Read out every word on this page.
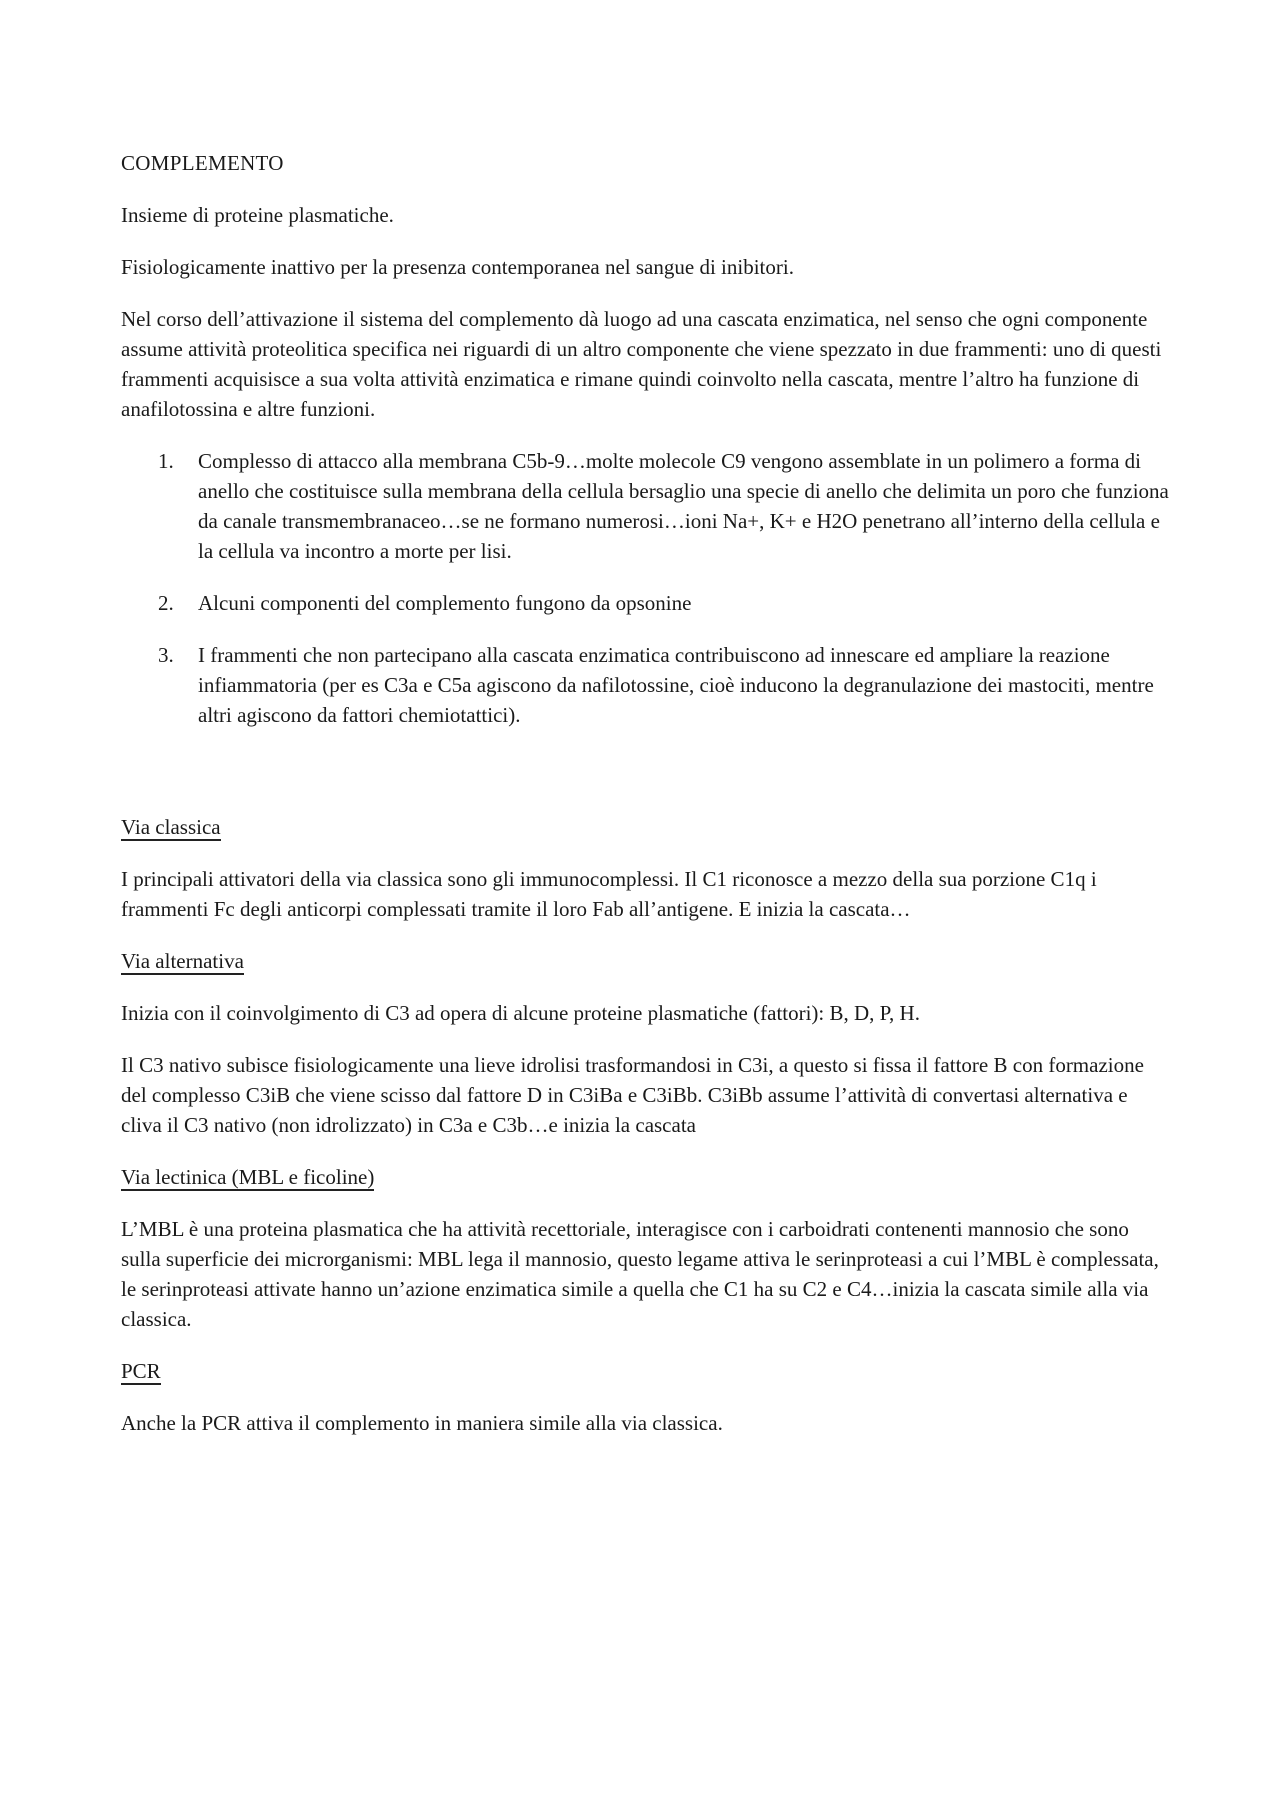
COMPLEMENTO

Insieme di proteine plasmatiche.

Fisiologicamente inattivo per la presenza contemporanea nel sangue di inibitori.

Nel corso dell’attivazione il sistema del complemento dà luogo ad una cascata enzimatica, nel senso che ogni componente assume attività proteolitica specifica nei riguardi di un altro componente che viene spezzato in due frammenti: uno di questi frammenti acquisisce a sua volta attività enzimatica e rimane quindi coinvolto nella cascata, mentre l’altro ha funzione di anafilotossina e altre funzioni.

1. Complesso di attacco alla membrana C5b-9…molte molecole C9 vengono assemblate in un polimero a forma di anello che costituisce sulla membrana della cellula bersaglio una specie di anello che delimita un poro che funziona da canale transmembranaceo…se ne formano numerosi…ioni Na+, K+ e H2O penetrano all’interno della cellula e la cellula va incontro a morte per lisi.
2. Alcuni componenti del complemento fungono da opsonine
3. I frammenti che non partecipano alla cascata enzimatica contribuiscono ad innescare ed ampliare la reazione infiammatoria (per es C3a e C5a agiscono da nafilotossine, cioè inducono la degranulazione dei mastociti, mentre altri agiscono da fattori chemiotattici).

Via classica

I principali attivatori della via classica sono gli immunocomplessi. Il C1 riconosce a mezzo della sua porzione C1q i frammenti Fc degli anticorpi complessati tramite il loro Fab all’antigene. E inizia la cascata…

Via alternativa

Inizia con il coinvolgimento di C3 ad opera di alcune proteine plasmatiche (fattori): B, D, P, H.

Il C3 nativo subisce fisiologicamente una lieve idrolisi trasformandosi in C3i, a questo si fissa il fattore B con formazione del complesso C3iB che viene scisso dal fattore D in C3iBa e C3iBb. C3iBb assume l’attività di convertasi alternativa e cliva il C3 nativo (non idrolizzato) in C3a e C3b…e inizia la cascata

Via lectinica (MBL e ficoline)

L’MBL è una proteina plasmatica che ha attività recettoriale, interagisce con i carboidrati contenenti mannosio che sono sulla superficie dei microrganismi: MBL lega il mannosio, questo legame attiva le serinproteasi a cui l’MBL è complessata, le serinproteasi attivate hanno un’azione enzimatica simile a quella che C1 ha su C2 e C4…inizia la cascata simile alla via classica.

PCR

Anche la PCR attiva il complemento in maniera simile alla via classica.
